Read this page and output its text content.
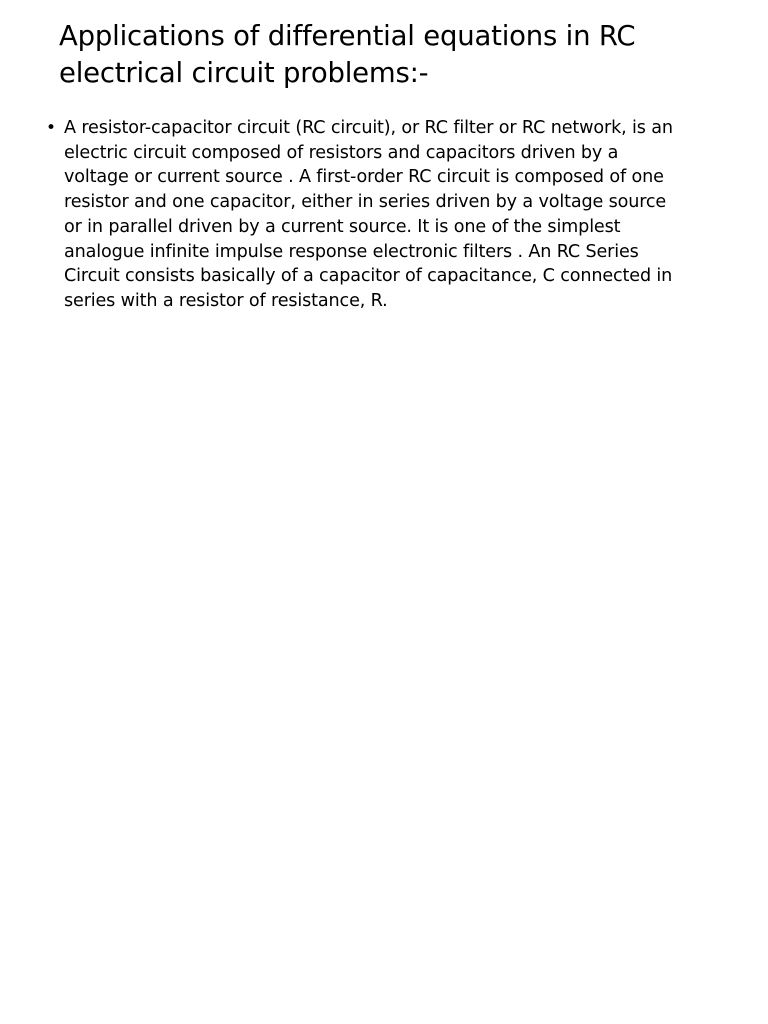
Applications of differential equations in RC
electrical circuit problems:-
• A resistor-capacitor circuit (RC circuit), or RC filter or RC network, is an
electric circuit composed of resistors and capacitors driven by a
voltage or current source . A first-order RC circuit is composed of one
resistor and one capacitor, either in series driven by a voltage source
or in parallel driven by a current source. It is one of the simplest
analogue infinite impulse response electronic filters . An RC Series
Circuit consists basically of a capacitor of capacitance, C connected in
series with a resistor of resistance, R.
